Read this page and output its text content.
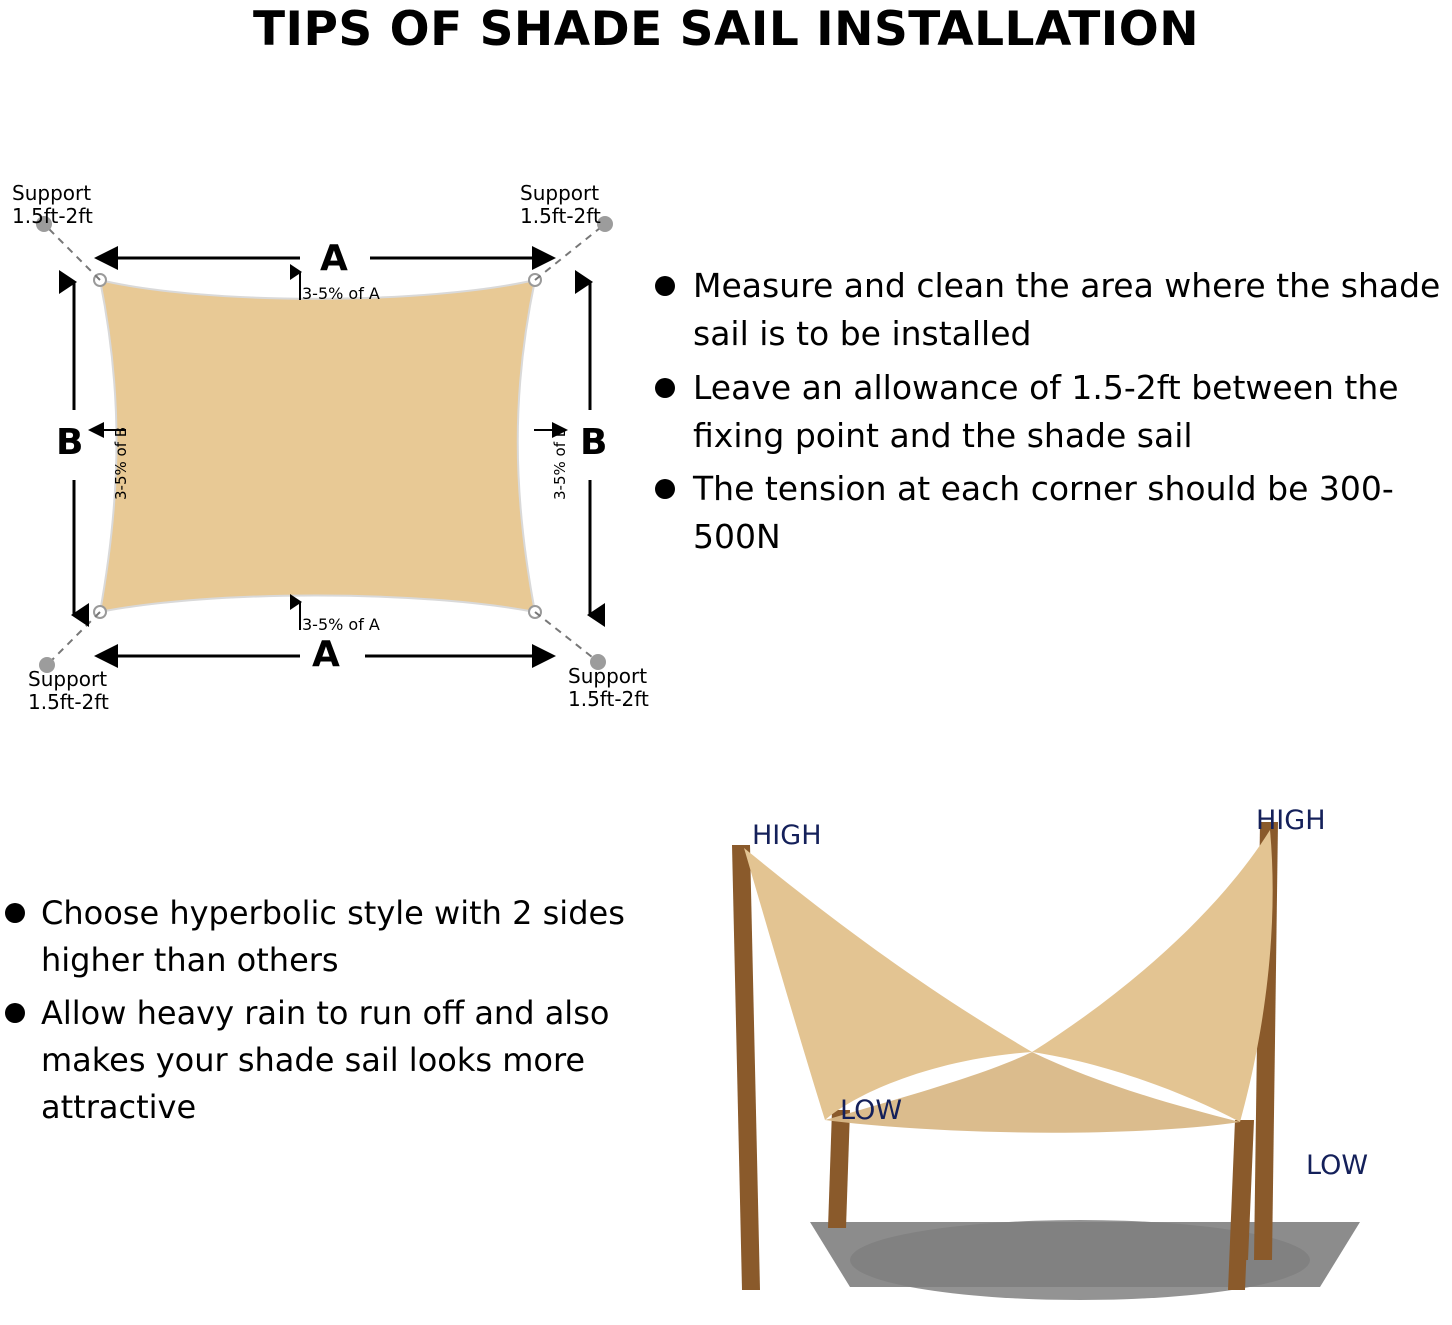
TIPS OF SHADE SAIL INSTALLATION
Support
1.5ft-2ft
Support
1.5ft-2ft
Support
1.5ft-2ft
Support
1.5ft-2ft
A
A
B	B
3-5% of A
3-5% of A
3-5% of B	3-5% of B
Measure and clean the area where the shade sail is to be installed
Leave an allowance of 1.5-2ft between the fixing point and the shade sail
The tension at each corner should be 300-500N
Choose hyperbolic style with 2 sides higher than others
Allow heavy rain to run off and also makes your shade sail looks more attractive
HIGH	HIGH
LOW
LOW
